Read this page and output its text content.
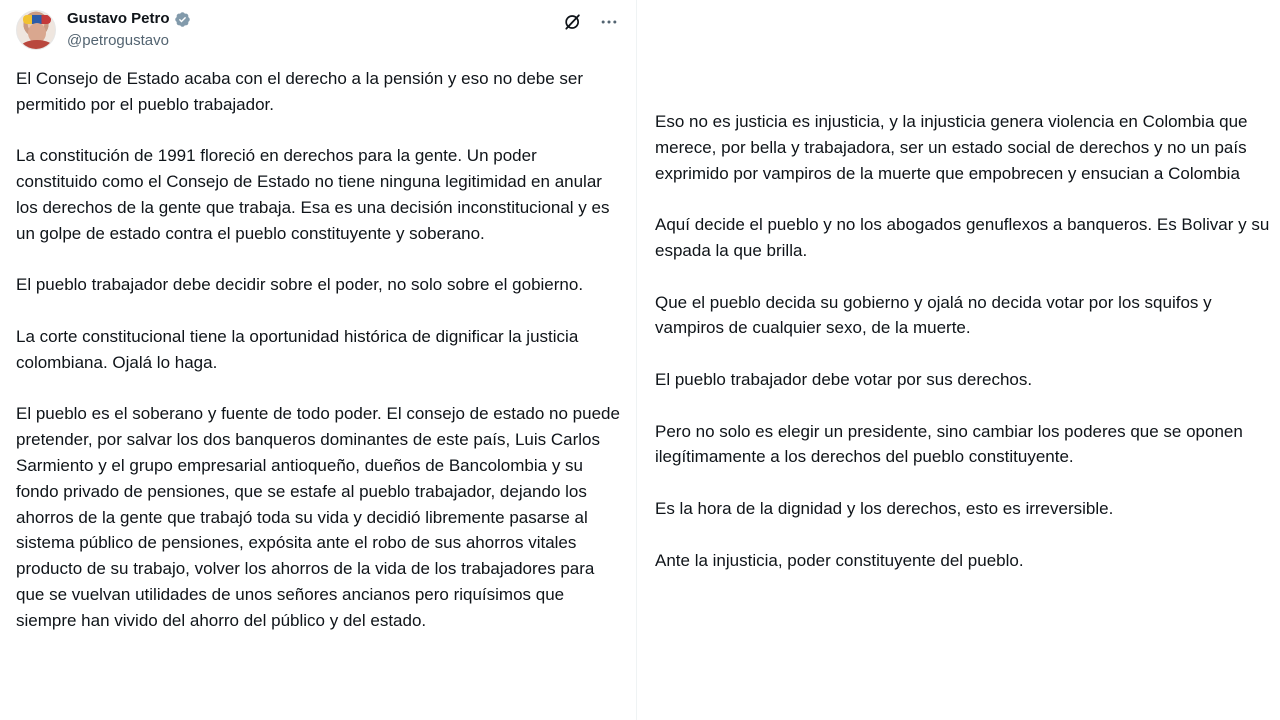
Gustavo Petro
@petrogustavo

El Consejo de Estado acaba con el derecho a la pensión y eso no debe ser permitido por el pueblo trabajador.

La constitución de 1991 floreció en derechos para la gente. Un poder constituido como el Consejo de Estado no tiene ninguna legitimidad en anular los derechos de la gente que trabaja. Esa es una decisión inconstitucional y es un golpe de estado contra el pueblo constituyente y soberano.

El pueblo trabajador debe decidir sobre el poder, no solo sobre el gobierno.

La corte constitucional tiene la oportunidad histórica de dignificar la justicia colombiana. Ojalá lo haga.

El pueblo es el soberano y fuente de todo poder. El consejo de estado no puede pretender, por salvar los dos banqueros dominantes de este país, Luis Carlos Sarmiento y el grupo empresarial antioqueño, dueños de Bancolombia y su fondo privado de pensiones, que se estafe al pueblo trabajador, dejando los ahorros de la gente que trabajó toda su vida y decidió libremente pasarse al sistema público de pensiones, expósita ante el robo de sus ahorros vitales producto de su trabajo, volver los ahorros de la vida de los trabajadores para que se vuelvan utilidades de unos señores ancianos pero riquísimos que siempre han vivido del ahorro del público y del estado.

Eso no es justicia es injusticia, y la injusticia genera violencia en Colombia que merece, por bella y trabajadora, ser un estado social de derechos y no un país exprimido por vampiros de la muerte que empobrecen y ensucian a Colombia

Aquí decide el pueblo y no los abogados genuflexos a banqueros. Es Bolivar y su espada la que brilla.

Que el pueblo decida su gobierno y ojalá no decida votar por los squifos y vampiros de cualquier sexo, de la muerte.

El pueblo trabajador debe votar por sus derechos.

Pero no solo es elegir un presidente, sino cambiar los poderes que se oponen ilegítimamente a los derechos del pueblo constituyente.

Es la hora de la dignidad y los derechos, esto es irreversible.

Ante la injusticia, poder constituyente del pueblo.
